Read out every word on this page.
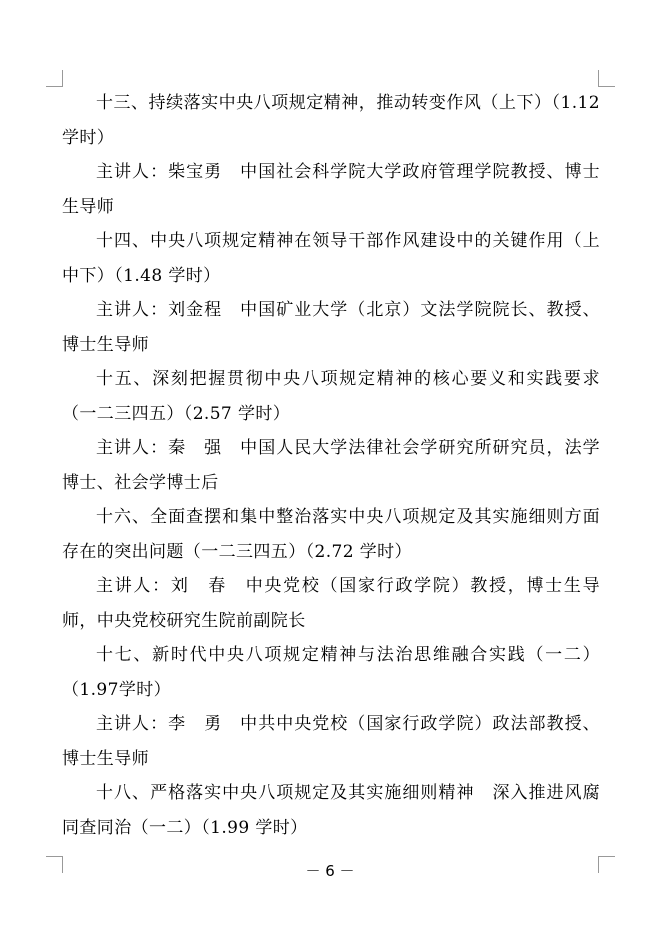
十三、持续落实中央八项规定精神，推动转变作风（上下）（1.12学时）

主讲人：柴宝勇　中国社会科学院大学政府管理学院教授、博士生导师

十四、中央八项规定精神在领导干部作风建设中的关键作用（上中下）（1.48 学时）

主讲人：刘金程　中国矿业大学（北京）文法学院院长、教授、博士生导师

十五、深刻把握贯彻中央八项规定精神的核心要义和实践要求（一二三四五）（2.57 学时）

主讲人：秦　强　中国人民大学法律社会学研究所研究员，法学博士、社会学博士后

十六、全面查摆和集中整治落实中央八项规定及其实施细则方面存在的突出问题（一二三四五）（2.72 学时）

主讲人：刘　春　中央党校（国家行政学院）教授，博士生导师，中央党校研究生院前副院长

十七、新时代中央八项规定精神与法治思维融合实践（一二）（1.97学时）

主讲人：李　勇　中共中央党校（国家行政学院）政法部教授、博士生导师

十八、严格落实中央八项规定及其实施细则精神　深入推进风腐同查同治（一二）（1.99 学时）

－ 6 －
